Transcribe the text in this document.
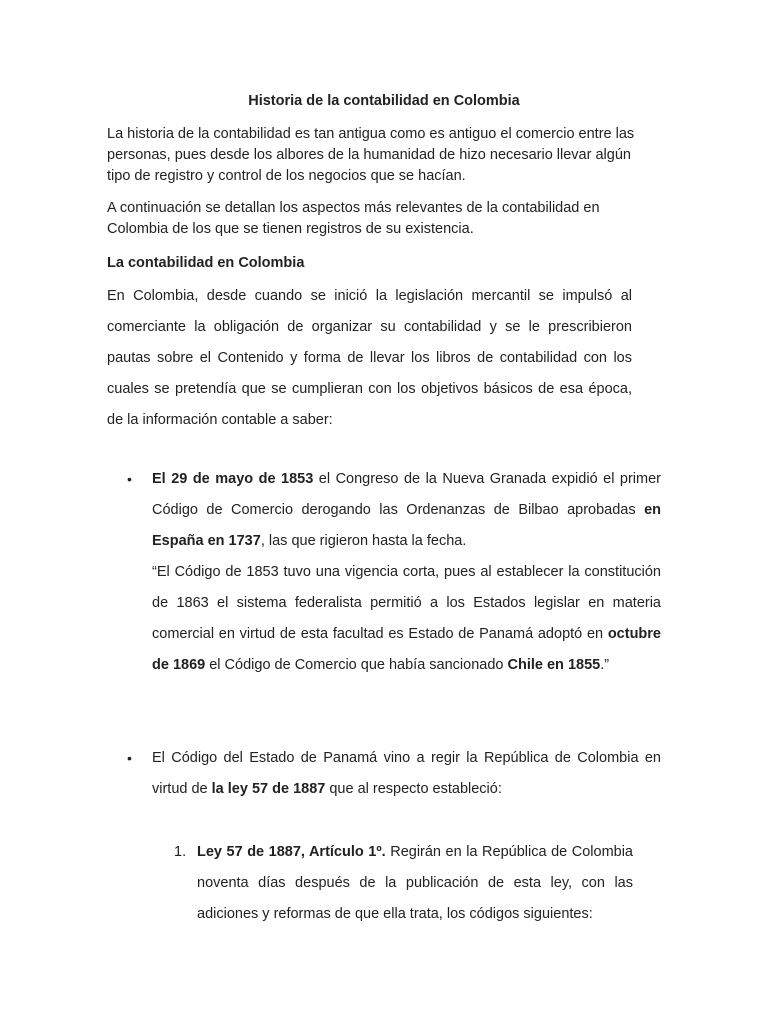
Historia de la contabilidad en Colombia
La historia de la contabilidad es tan antigua como es antiguo el comercio entre las personas, pues desde los albores de la humanidad de hizo necesario llevar algún tipo de registro y control de los negocios que se hacían.
A continuación se detallan los aspectos más relevantes de la contabilidad en Colombia de los que se tienen registros de su existencia.
La contabilidad en Colombia
En Colombia, desde cuando se inició la legislación mercantil se impulsó al comerciante la obligación de organizar su contabilidad y se le prescribieron pautas sobre el Contenido y forma de llevar los libros de contabilidad con los cuales se pretendía que se cumplieran con los objetivos básicos de esa época, de la información contable a saber:
• El 29 de mayo de 1853 el Congreso de la Nueva Granada expidió el primer Código de Comercio derogando las Ordenanzas de Bilbao aprobadas en España en 1737, las que rigieron hasta la fecha.
“El Código de 1853 tuvo una vigencia corta, pues al establecer la constitución de 1863 el sistema federalista permitió a los Estados legislar en materia comercial en virtud de esta facultad es Estado de Panamá adoptó en octubre de 1869 el Código de Comercio que había sancionado Chile en 1855.”
• El Código del Estado de Panamá vino a regir la República de Colombia en virtud de la ley 57 de 1887 que al respecto estableció:
1. Ley 57 de 1887, Artículo 1º. Regirán en la República de Colombia noventa días después de la publicación de esta ley, con las adiciones y reformas de que ella trata, los códigos siguientes:
